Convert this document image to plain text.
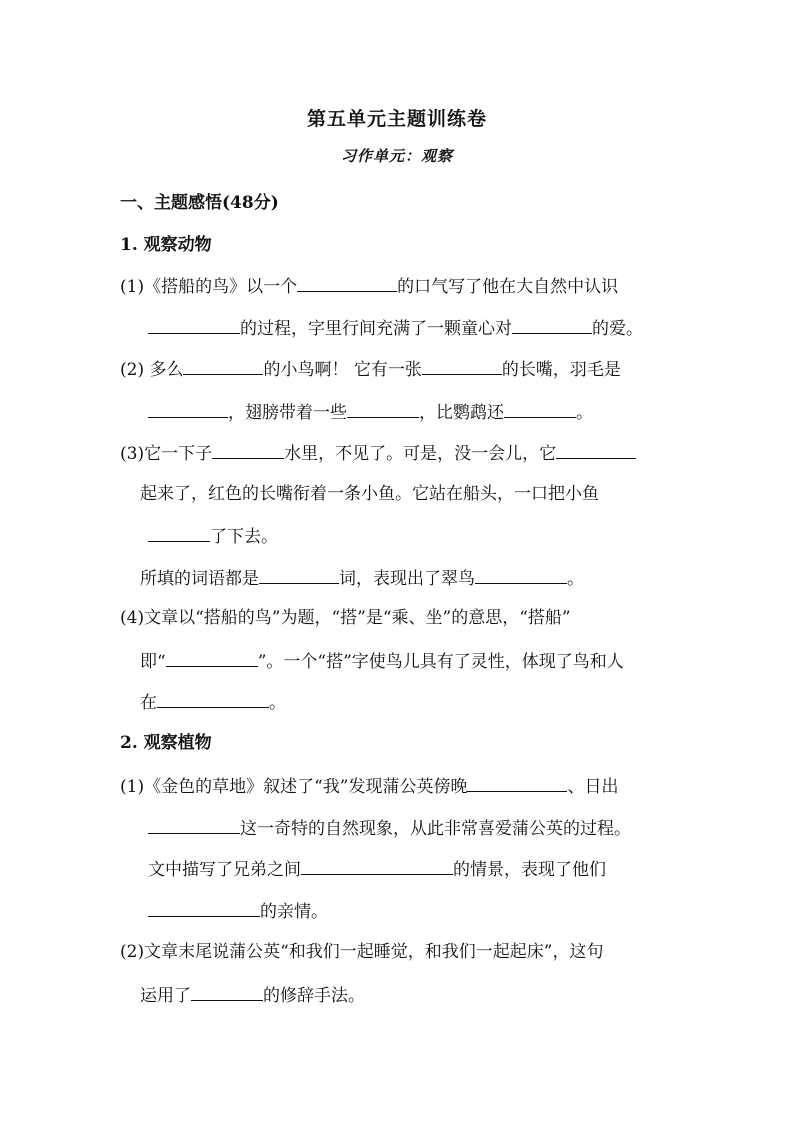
第五单元主题训练卷
习作单元：观察
一、主题感悟(48分)
1. 观察动物
(1)《搭船的鸟》以一个	的口气写了他在大自然中认识
的过程，字里行间充满了一颗童心对	的爱。
(2) 多么	的小鸟啊！ 它有一张	的长嘴，羽毛是
，翅膀带着一些	，比鹦鹉还	。
(3)它一下子	水里，不见了。可是，没一会儿，它
起来了，红色的长嘴衔着一条小鱼。它站在船头，一口把小鱼
了下去。
所填的词语都是	词，表现出了翠鸟	。
(4)文章以“搭船的鸟”为题，“搭”是“乘、坐”的意思，“搭船”
即“	”。一个“搭”字使鸟儿具有了灵性，体现了鸟和人
在	。
2. 观察植物
(1)《金色的草地》叙述了“我”发现蒲公英傍晚	、日出
这一奇特的自然现象，从此非常喜爱蒲公英的过程。
文中描写了兄弟之间	的情景，表现了他们
的亲情。
(2)文章末尾说蒲公英“和我们一起睡觉，和我们一起起床”，这句
运用了	的修辞手法。
